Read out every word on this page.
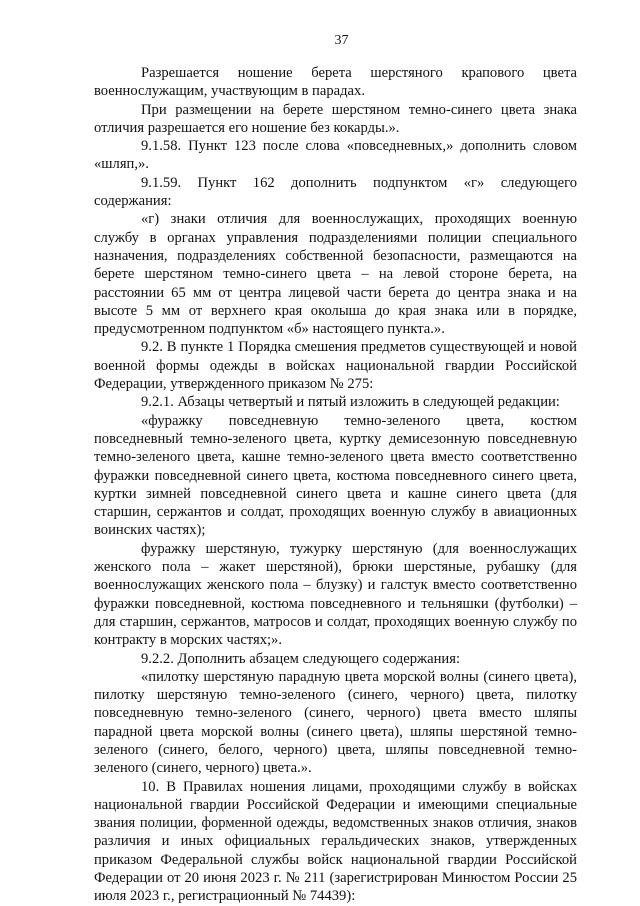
37

Разрешается ношение берета шерстяного крапового цвета военнослужащим, участвующим в парадах.

При размещении на берете шерстяном темно-синего цвета знака отличия разрешается его ношение без кокарды.».

9.1.58. Пункт 123 после слова «повседневных,» дополнить словом «шляп,».

9.1.59. Пункт 162 дополнить подпунктом «г» следующего содержания:

«г) знаки отличия для военнослужащих, проходящих военную службу в органах управления подразделениями полиции специального назначения, подразделениях собственной безопасности, размещаются на берете шерстяном темно-синего цвета – на левой стороне берета, на расстоянии 65 мм от центра лицевой части берета до центра знака и на высоте 5 мм от верхнего края околыша до края знака или в порядке, предусмотренном подпунктом «б» настоящего пункта.».

9.2. В пункте 1 Порядка смешения предметов существующей и новой военной формы одежды в войсках национальной гвардии Российской Федерации, утвержденного приказом № 275:

9.2.1. Абзацы четвертый и пятый изложить в следующей редакции:

«фуражку повседневную темно-зеленого цвета, костюм повседневный темно-зеленого цвета, куртку демисезонную повседневную темно-зеленого цвета, кашне темно-зеленого цвета вместо соответственно фуражки повседневной синего цвета, костюма повседневного синего цвета, куртки зимней повседневной синего цвета и кашне синего цвета (для старшин, сержантов и солдат, проходящих военную службу в авиационных воинских частях);

фуражку шерстяную, тужурку шерстяную (для военнослужащих женского пола – жакет шерстяной), брюки шерстяные, рубашку (для военнослужащих женского пола – блузку) и галстук вместо соответственно фуражки повседневной, костюма повседневного и тельняшки (футболки) – для старшин, сержантов, матросов и солдат, проходящих военную службу по контракту в морских частях;».

9.2.2. Дополнить абзацем следующего содержания:

«пилотку шерстяную парадную цвета морской волны (синего цвета), пилотку шерстяную темно-зеленого (синего, черного) цвета, пилотку повседневную темно-зеленого (синего, черного) цвета вместо шляпы парадной цвета морской волны (синего цвета), шляпы шерстяной темно-зеленого (синего, белого, черного) цвета, шляпы повседневной темно-зеленого (синего, черного) цвета.».

10. В Правилах ношения лицами, проходящими службу в войсках национальной гвардии Российской Федерации и имеющими специальные звания полиции, форменной одежды, ведомственных знаков отличия, знаков различия и иных официальных геральдических знаков, утвержденных приказом Федеральной службы войск национальной гвардии Российской Федерации от 20 июня 2023 г. № 211 (зарегистрирован Минюстом России 25 июля 2023 г., регистрационный № 74439):
